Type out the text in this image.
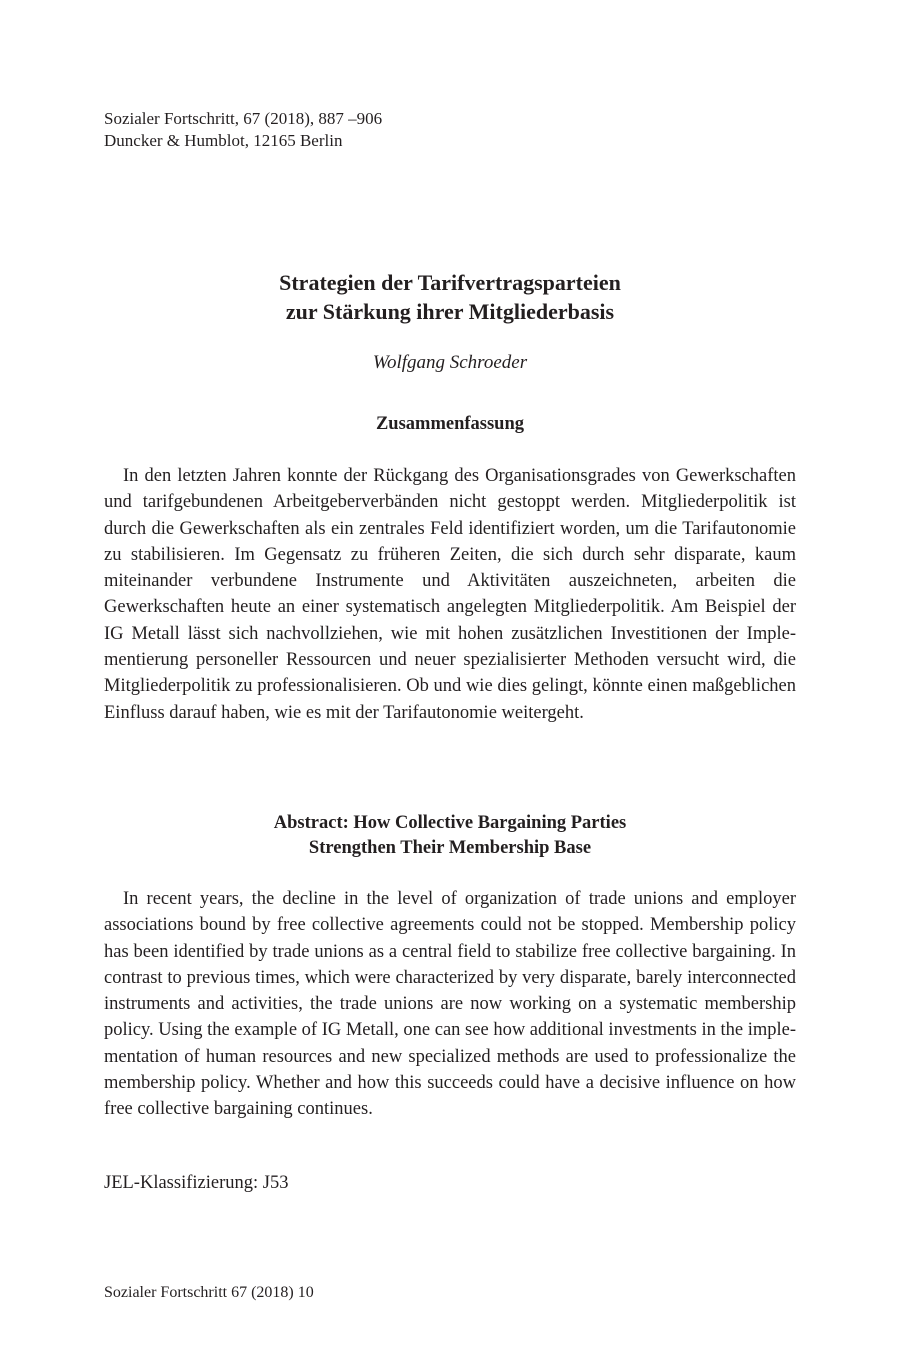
Sozialer Fortschritt, 67 (2018), 887 –906
Duncker & Humblot, 12165 Berlin
Strategien der Tarifvertragsparteien
zur Stärkung ihrer Mitgliederbasis
Wolfgang Schroeder
Zusammenfassung
In den letzten Jahren konnte der Rückgang des Organisationsgrades von Gewerkschaften und tarifgebundenen Arbeitgeberverbänden nicht gestoppt werden. Mitgliederpolitik ist durch die Gewerkschaften als ein zentrales Feld identifiziert worden, um die Tarifautonomie zu stabilisieren. Im Gegensatz zu früheren Zeiten, die sich durch sehr disparate, kaum miteinander verbundene Instrumente und Aktivitäten auszeichneten, arbeiten die Gewerkschaften heute an einer systematisch angelegten Mitgliederpolitik. Am Beispiel der IG Metall lässt sich nachvollziehen, wie mit hohen zusätzlichen Investitionen der Implementierung personeller Ressourcen und neuer spezialisierter Methoden versucht wird, die Mitgliederpolitik zu professionalisieren. Ob und wie dies gelingt, könnte einen maßgeblichen Einfluss darauf haben, wie es mit der Tarifautonomie weitergeht.
Abstract: How Collective Bargaining Parties
Strengthen Their Membership Base
In recent years, the decline in the level of organization of trade unions and employer associations bound by free collective agreements could not be stopped. Membership policy has been identified by trade unions as a central field to stabilize free collective bargaining. In contrast to previous times, which were characterized by very disparate, barely interconnected instruments and activities, the trade unions are now working on a systematic membership policy. Using the example of IG Metall, one can see how additional investments in the implementation of human resources and new specialized methods are used to professionalize the membership policy. Whether and how this succeeds could have a decisive influence on how free collective bargaining continues.
JEL-Klassifizierung: J53
Sozialer Fortschritt 67 (2018) 10
